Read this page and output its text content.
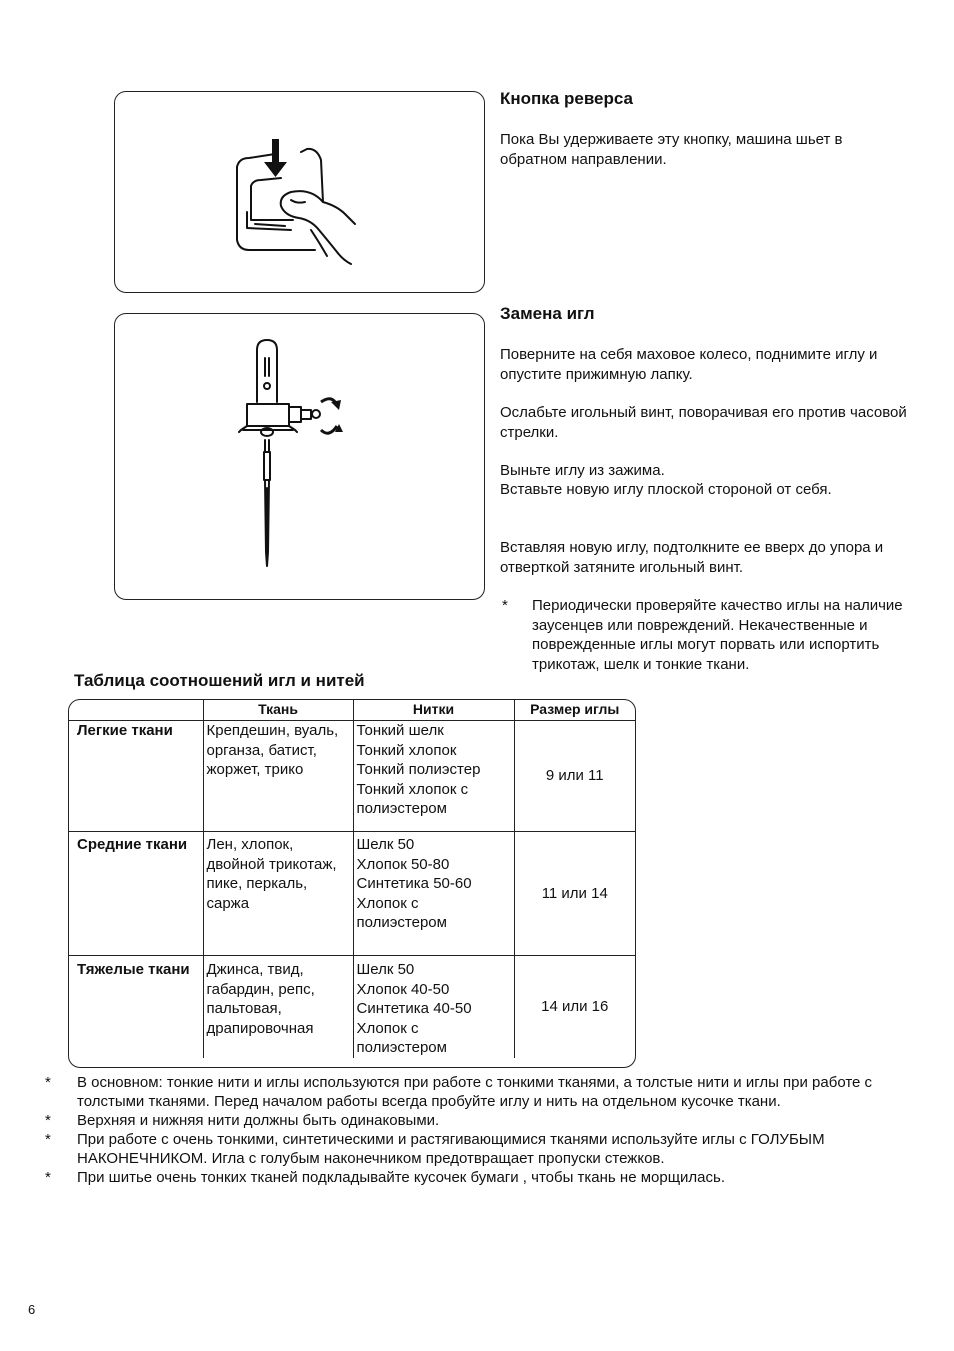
Кнопка реверса
Пока Вы удерживаете эту кнопку, машина шьет в обратном направлении.
Замена игл
Поверните на себя маховое колесо, поднимите иглу и опустите прижимную лапку.
Ослабьте игольный винт, поворачивая его против часовой стрелки.
Выньте иглу из зажима.
Вставьте новую иглу плоской стороной от себя.
Вставляя новую иглу, подтолкните ее вверх до упора и отверткой затяните игольный винт.
* Периодически проверяйте качество иглы на наличие заусенцев или повреждений. Некачественные и поврежденные иглы могут порвать или испортить трикотаж, шелк и тонкие ткани.
Таблица соотношений игл и нитей
	Ткань	Нитки	Размер иглы
Легкие ткани	Крепдешин, вуаль,
органза, батист,
жоржет, трико	Тонкий шелк
Тонкий хлопок
Тонкий полиэстер
Тонкий хлопок с
полиэстером	9 или 11
Средние ткани	Лен, хлопок,
двойной трикотаж,
пике, перкаль,
саржа	Шелк 50
Хлопок 50-80
Синтетика 50-60
Хлопок с
полиэстером	11 или 14
Тяжелые ткани	Джинса, твид,
габардин, репс,
пальтовая,
драпировочная	Шелк 50
Хлопок 40-50
Синтетика 40-50
Хлопок с
полиэстером	14 или 16

* В основном: тонкие нити и иглы используются при работе с тонкими тканями, а толстые нити и иглы при работе с толстыми тканями. Перед началом работы всегда пробуйте иглу и нить на отдельном кусочке ткани.

* Верхняя и нижняя нити должны быть одинаковыми.

* При работе с очень тонкими, синтетическими и растягивающимися тканями используйте иглы с ГОЛУБЫМ НАКОНЕЧНИКОМ. Игла с голубым наконечником предотвращает пропуски стежков.

* При шитье очень тонких тканей подкладывайте кусочек бумаги , чтобы ткань не морщилась.

6
